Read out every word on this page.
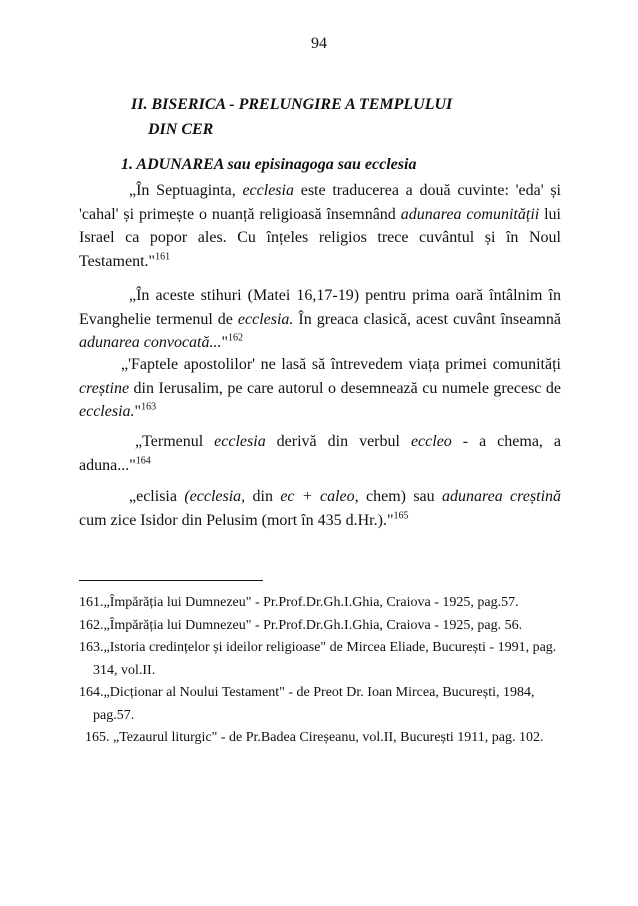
94
II. BISERICA - PRELUNGIRE A TEMPLULUI
DIN CER
1. ADUNAREA sau episinagoga sau ecclesia

„În Septuaginta, ecclesia este traducerea a două cuvinte: 'eda' și 'cahal' și primește o nuanță religioasă însemnând adunarea comunității lui Israel ca popor ales. Cu înțeles religios trece cuvântul și în Noul Testament."$^{161}$

„În aceste stihuri (Matei 16,17-19) pentru prima oară întâlnim în Evanghelie termenul de ecclesia. În greaca clasică, acest cuvânt înseamnă adunarea convocată..."$^{162}$

„'Faptele apostolilor' ne lasă să întrevedem viața primei comunități creștine din Ierusalim, pe care autorul o desemnează cu numele grecesc de ecclesia."$^{163}$

„Termenul ecclesia derivă din verbul eccleo - a chema, a aduna..."$^{164}$

„eclisia (ecclesia, din ec + caleo, chem) sau adunarea creștină cum zice Isidor din Pelusim (mort în 435 d.Hr.)."$^{165}$

161.„Împărăția lui Dumnezeu" - Pr.Prof.Dr.Gh.I.Ghia, Craiova - 1925, pag.57.

162.„Împărăția lui Dumnezeu" - Pr.Prof.Dr.Gh.I.Ghia, Craiova - 1925, pag. 56.

163.„Istoria credințelor și ideilor religioase" de Mircea Eliade, București - 1991, pag. 314, vol.II.

164.„Dicționar al Noului Testament" - de Preot Dr. Ioan Mircea, București, 1984, pag.57.

165. „Tezaurul liturgic" - de Pr.Badea Cireșeanu, vol.II, București 1911, pag. 102.
